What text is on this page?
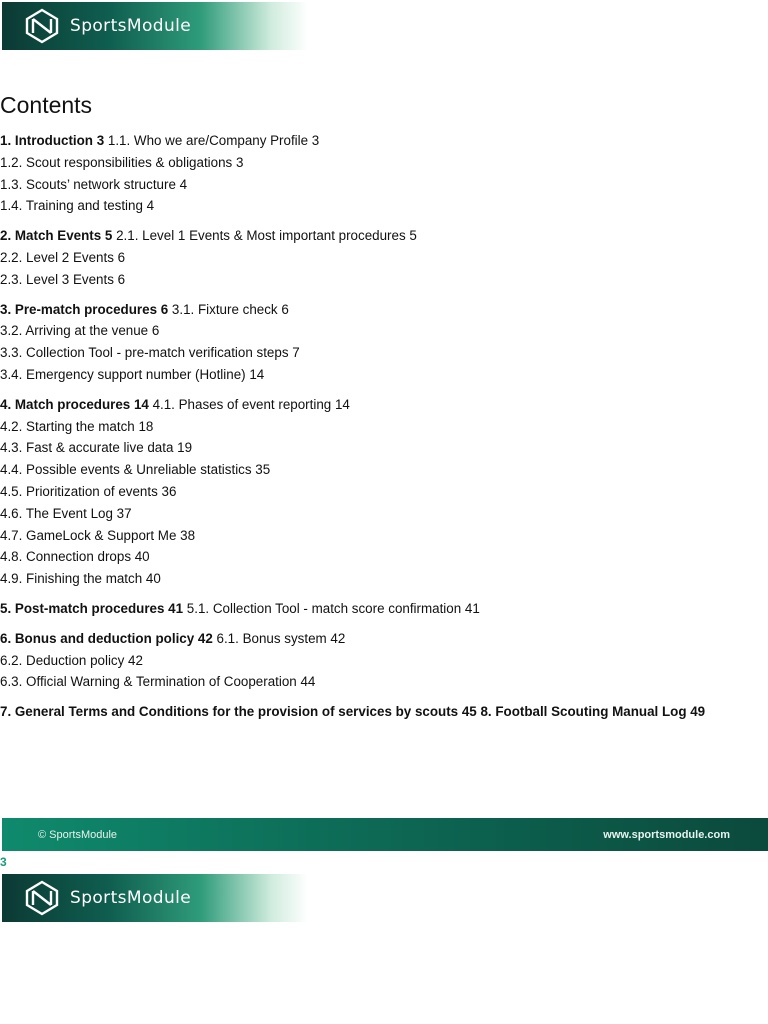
SportsModule
Contents
1. Introduction 3 1.1. Who we are/Company Profile 3
1.2. Scout responsibilities & obligations 3
1.3. Scouts’ network structure 4
1.4. Training and testing 4
2. Match Events 5 2.1. Level 1 Events & Most important procedures 5
2.2. Level 2 Events 6
2.3. Level 3 Events 6
3. Pre-match procedures 6 3.1. Fixture check 6
3.2. Arriving at the venue 6
3.3. Collection Tool - pre-match verification steps 7
3.4. Emergency support number (Hotline) 14
4. Match procedures 14 4.1. Phases of event reporting 14
4.2. Starting the match 18
4.3. Fast & accurate live data 19
4.4. Possible events & Unreliable statistics 35
4.5. Prioritization of events 36
4.6. The Event Log 37
4.7. GameLock & Support Me 38
4.8. Connection drops 40
4.9. Finishing the match 40
5. Post-match procedures 41 5.1. Collection Tool - match score confirmation 41
6. Bonus and deduction policy 42 6.1. Bonus system 42
6.2. Deduction policy 42
6.3. Official Warning & Termination of Cooperation 44
7. General Terms and Conditions for the provision of services by scouts 45 8. Football Scouting Manual Log 49
© SportsModule	www.sportsmodule.com
3
SportsModule
